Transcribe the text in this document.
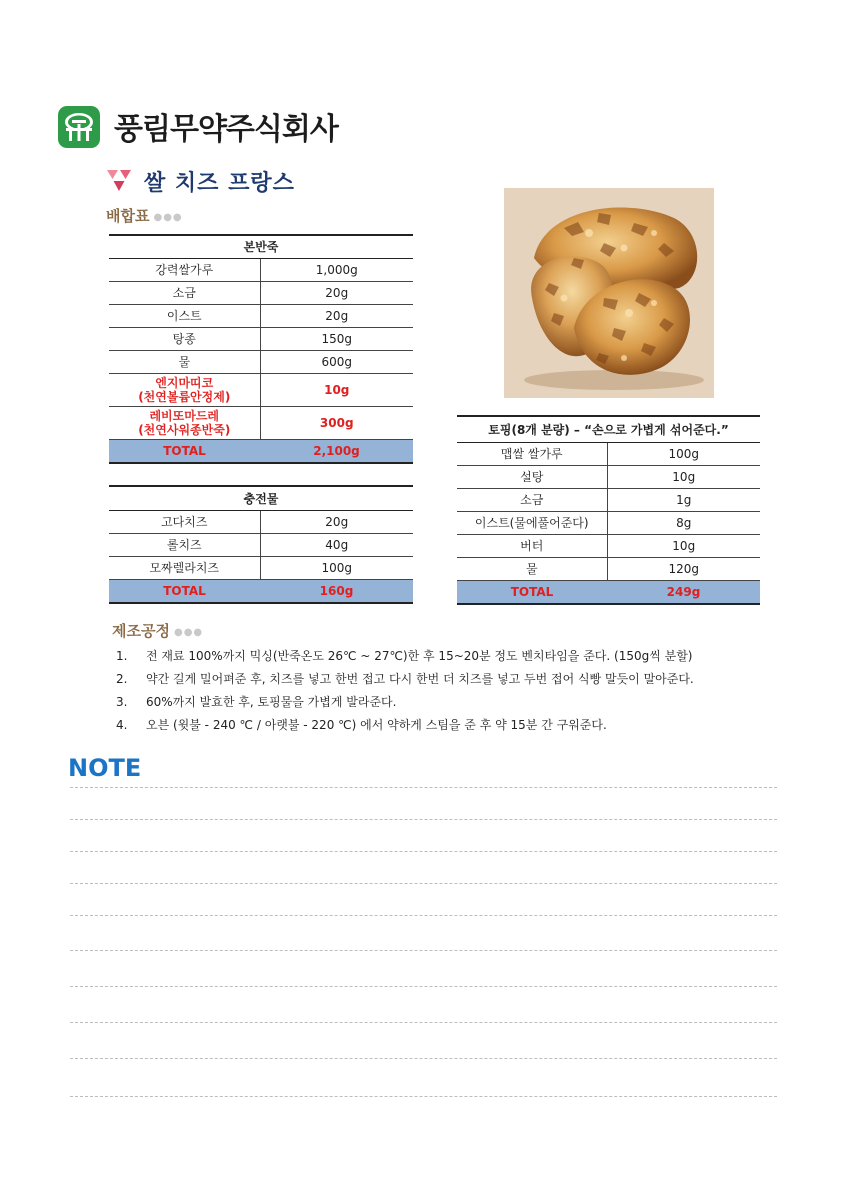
풍림무약주식회사
쌀 치즈 프랑스
배합표 ●●●
본반죽	
강력쌀가루	1,000g
소금	20g
이스트	20g
탕종	150g
물	600g
엔지마띠코
(천연볼륨안정제)	10g
레비또마드레
(천연사워종반죽)	300g
TOTAL	2,100g
충전물	
고다치즈	20g
롤치즈	40g
모짜렐라치즈	100g
TOTAL	160g
토핑(8개 분량) – “손으로 가볍게 섞어준다.”	
맵쌀 쌀가루	100g
설탕	10g
소금	1g
이스트(물에풀어준다)	8g
버터	10g
물	120g
TOTAL	249g
제조공정 ●●●
1. 전 재료 100%까지 믹싱(반죽온도 26℃ ~ 27℃)한 후 15~20분 정도 벤치타임을 준다. (150g씩 분할)
2. 약간 길게 밀어펴준 후, 치즈를 넣고 한번 접고 다시 한번 더 치즈를 넣고 두번 접어 식빵 말듯이 말아준다.
3. 60%까지 발효한 후, 토핑물을 가볍게 발라준다.
4. 오븐 (윗불 - 240 ℃ / 아랫불 - 220 ℃) 에서 약하게 스팀을 준 후 약 15분 간 구워준다.
NOTE
